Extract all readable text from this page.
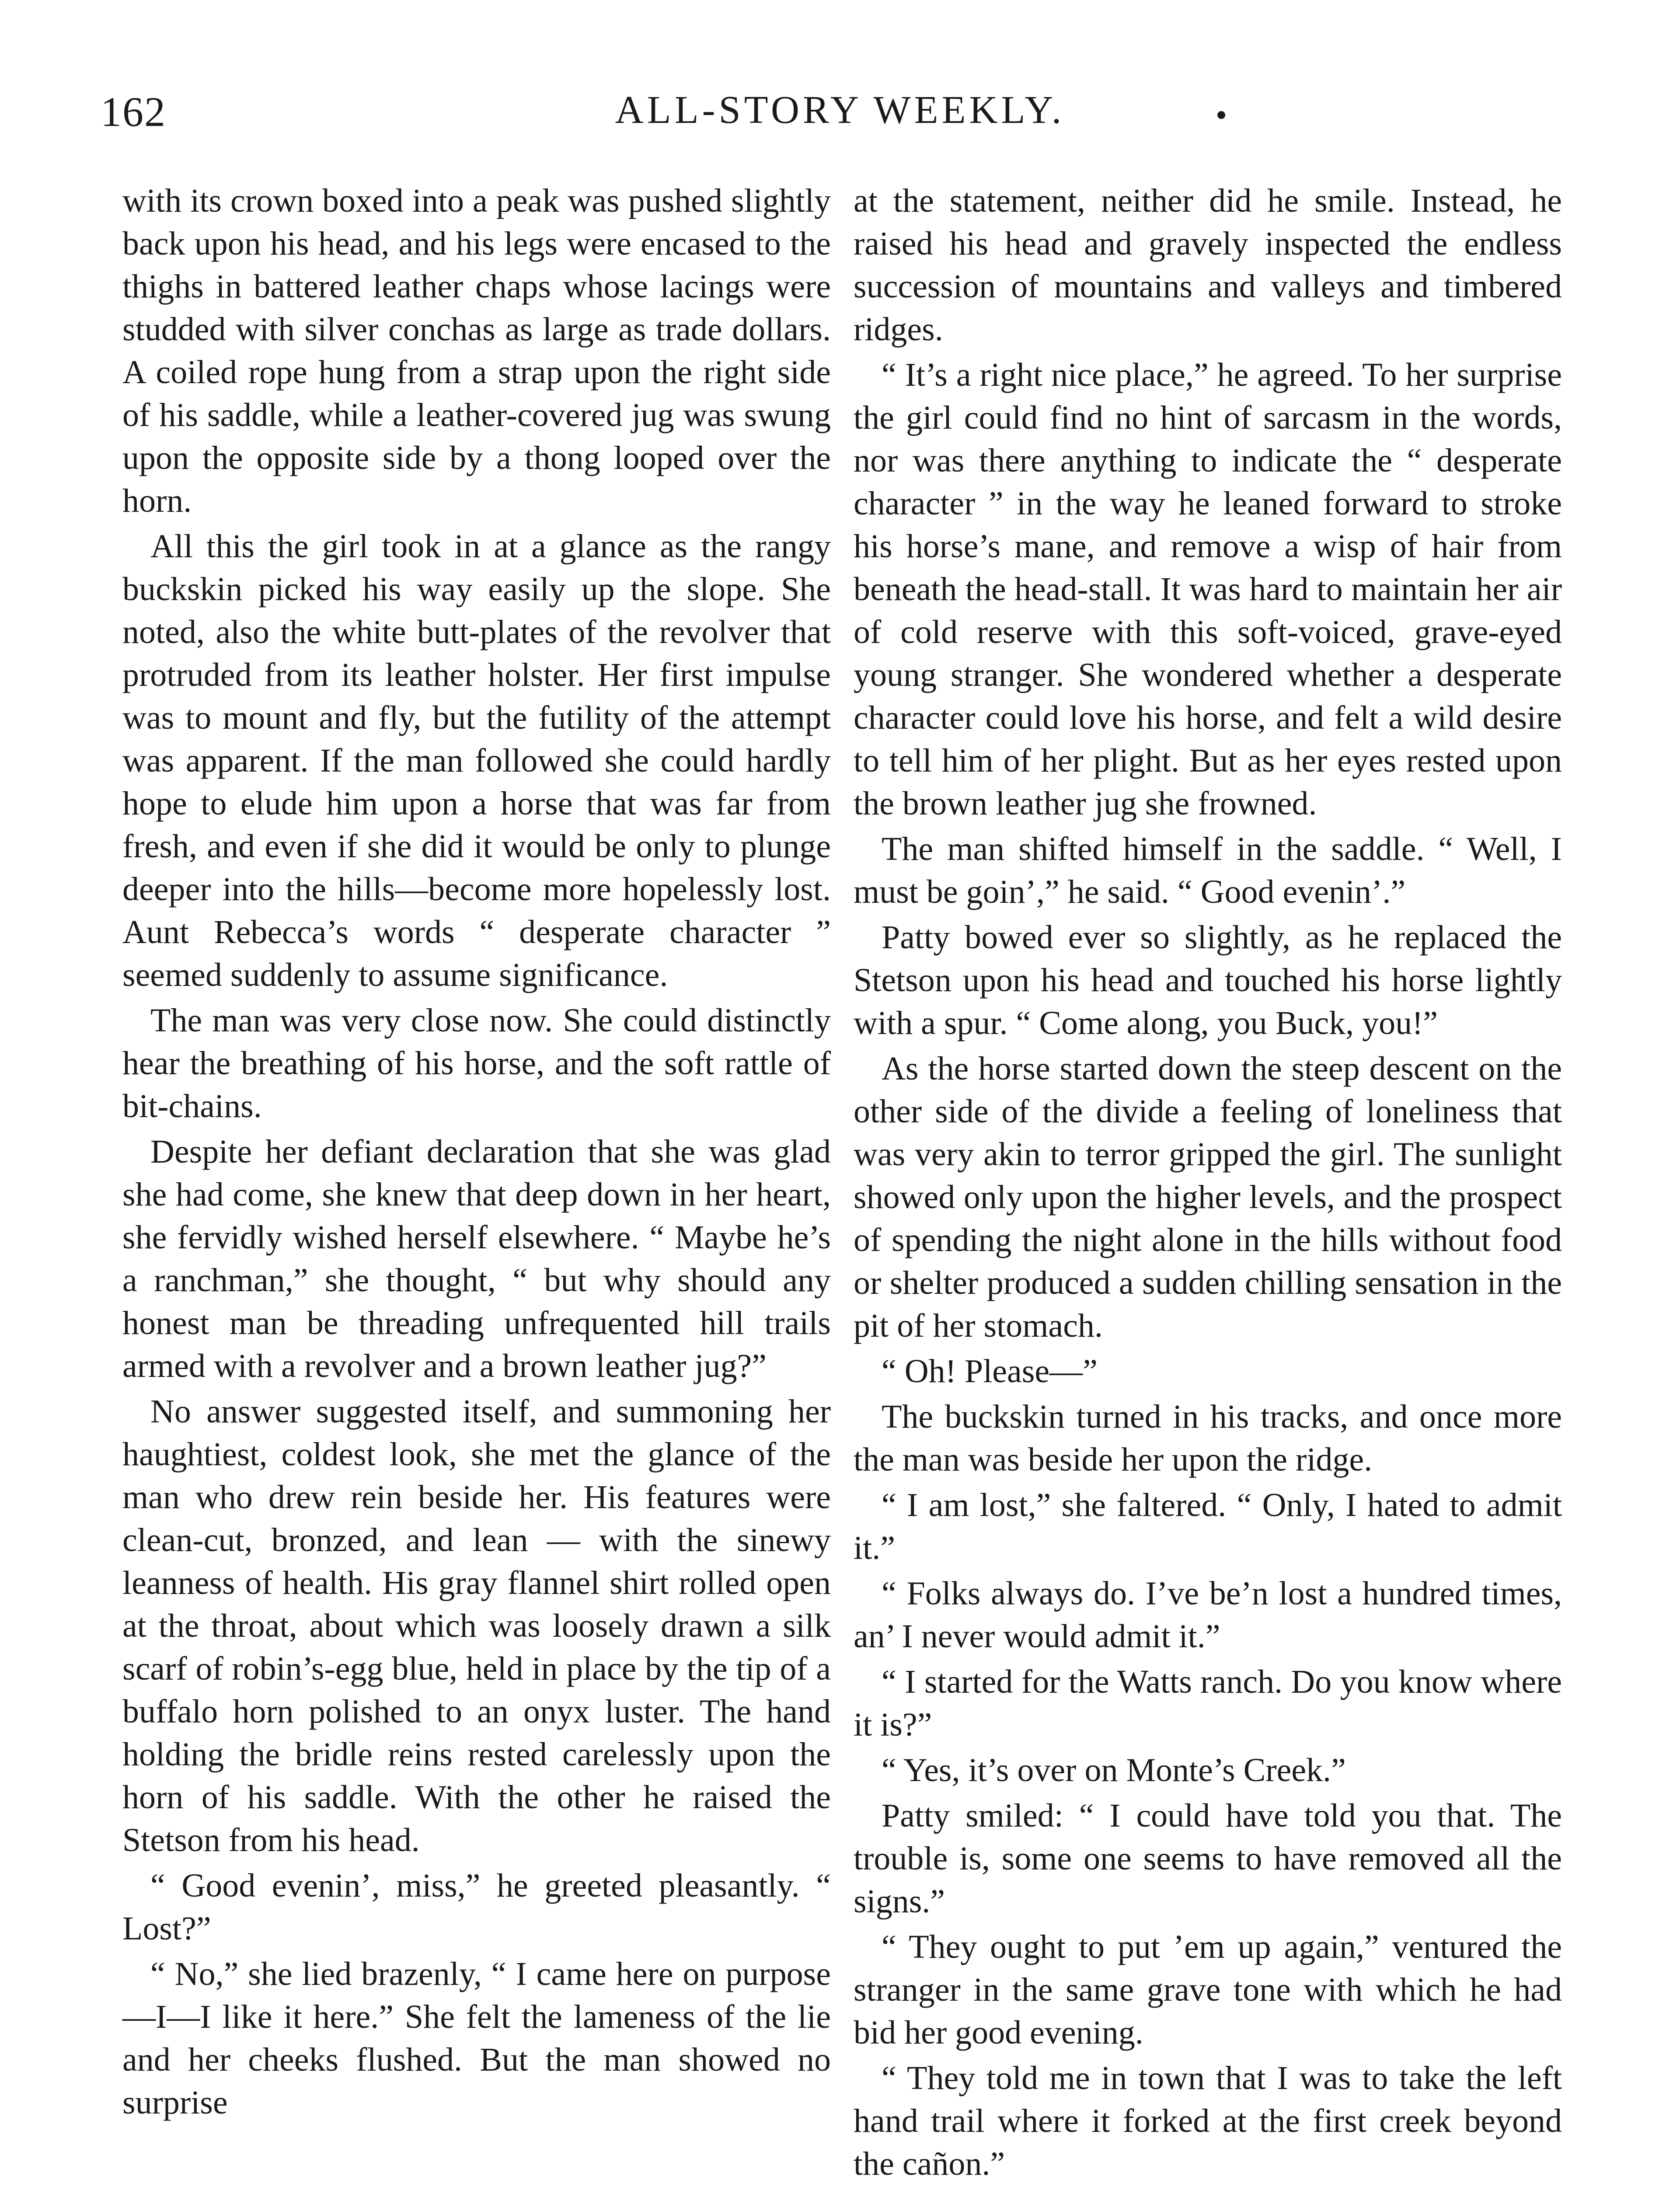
162	ALL-STORY WEEKLY.

with its crown boxed into a peak was pushed slightly back upon his head, and his legs were encased to the thighs in battered leather chaps whose lacings were studded with silver conchas as large as trade dollars. A coiled rope hung from a strap upon the right side of his saddle, while a leather-covered jug was swung upon the opposite side by a thong looped over the horn.

All this the girl took in at a glance as the rangy buckskin picked his way easily up the slope. She noted, also the white butt-plates of the revolver that protruded from its leather holster. Her first impulse was to mount and fly, but the futility of the attempt was apparent. If the man followed she could hardly hope to elude him upon a horse that was far from fresh, and even if she did it would be only to plunge deeper into the hills—become more hopelessly lost. Aunt Rebecca’s words “ desperate character ” seemed suddenly to assume significance.

The man was very close now. She could distinctly hear the breathing of his horse, and the soft rattle of bit-chains.

Despite her defiant declaration that she was glad she had come, she knew that deep down in her heart, she fervidly wished herself elsewhere. “ Maybe he’s a ranchman,” she thought, “ but why should any honest man be threading unfrequented hill trails armed with a revolver and a brown leather jug?”

No answer suggested itself, and summoning her haughtiest, coldest look, she met the glance of the man who drew rein beside her. His features were clean-cut, bronzed, and lean — with the sinewy leanness of health. His gray flannel shirt rolled open at the throat, about which was loosely drawn a silk scarf of robin’s-egg blue, held in place by the tip of a buffalo horn polished to an onyx luster. The hand holding the bridle reins rested carelessly upon the horn of his saddle. With the other he raised the Stetson from his head.

“ Good evenin’, miss,” he greeted pleasantly. “ Lost?”

“ No,” she lied brazenly, “ I came here on purpose—I—I like it here.” She felt the lameness of the lie and her cheeks flushed. But the man showed no surprise

at the statement, neither did he smile. Instead, he raised his head and gravely inspected the endless succession of mountains and valleys and timbered ridges.

“ It’s a right nice place,” he agreed. To her surprise the girl could find no hint of sarcasm in the words, nor was there anything to indicate the “ desperate character ” in the way he leaned forward to stroke his horse’s mane, and remove a wisp of hair from beneath the head-stall. It was hard to maintain her air of cold reserve with this soft-voiced, grave-eyed young stranger. She wondered whether a desperate character could love his horse, and felt a wild desire to tell him of her plight. But as her eyes rested upon the brown leather jug she frowned.

The man shifted himself in the saddle. “ Well, I must be goin’,” he said. “ Good evenin’.”

Patty bowed ever so slightly, as he replaced the Stetson upon his head and touched his horse lightly with a spur. “ Come along, you Buck, you!”

As the horse started down the steep descent on the other side of the divide a feeling of loneliness that was very akin to terror gripped the girl. The sunlight showed only upon the higher levels, and the prospect of spending the night alone in the hills without food or shelter produced a sudden chilling sensation in the pit of her stomach.

“ Oh! Please—”

The buckskin turned in his tracks, and once more the man was beside her upon the ridge.

“ I am lost,” she faltered. “ Only, I hated to admit it.”

“ Folks always do. I’ve be’n lost a hundred times, an’ I never would admit it.”

“ I started for the Watts ranch. Do you know where it is?”

“ Yes, it’s over on Monte’s Creek.”

Patty smiled: “ I could have told you that. The trouble is, some one seems to have removed all the signs.”

“ They ought to put ’em up again,” ventured the stranger in the same grave tone with which he had bid her good evening.

“ They told me in town that I was to take the left hand trail where it forked at the first creek beyond the cañon.”
